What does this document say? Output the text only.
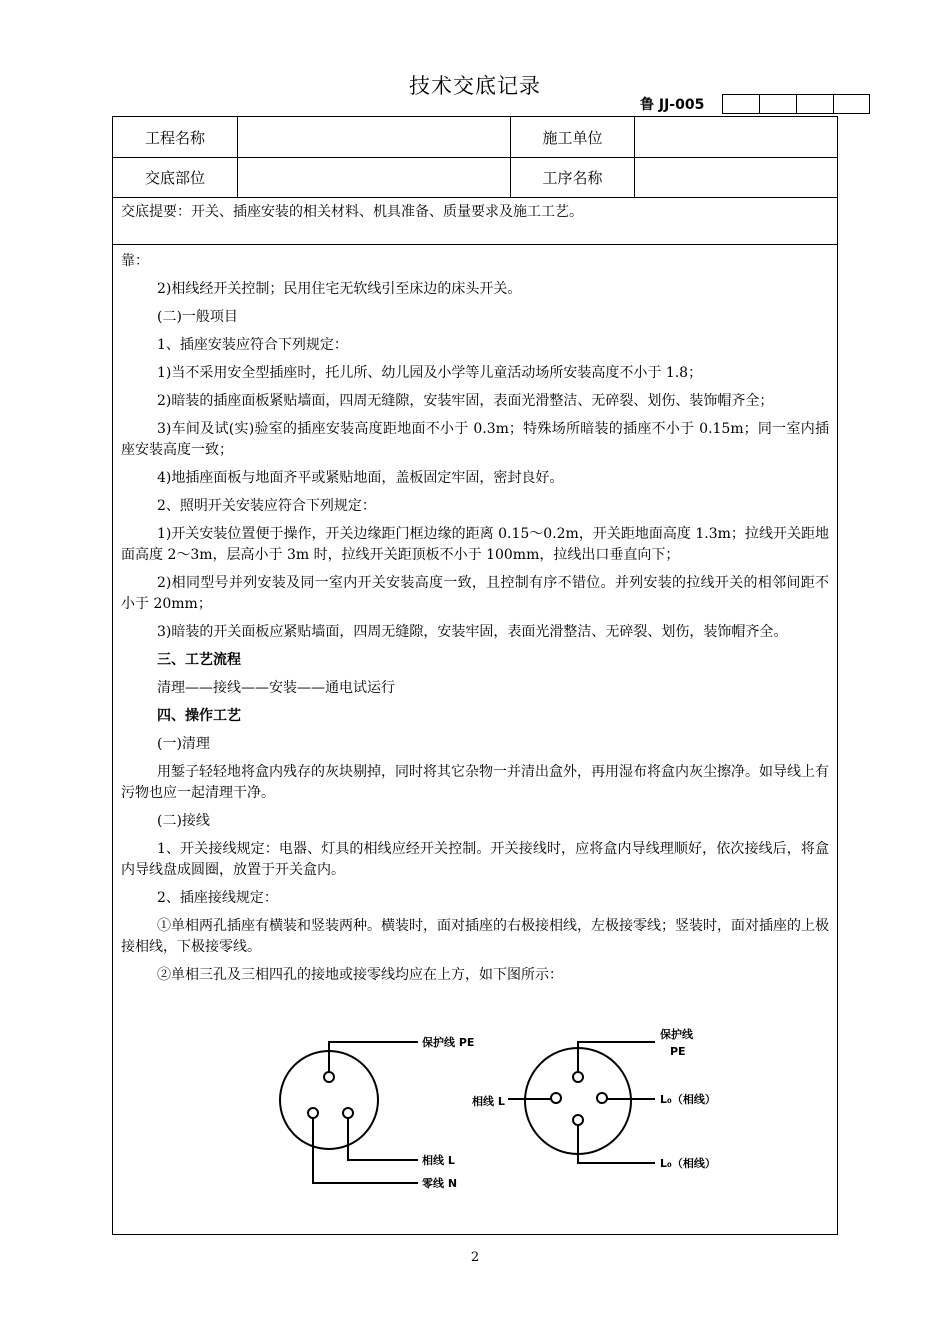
技术交底记录
鲁 JJ-005
工程名称	施工单位
交底部位	工序名称
交底提要：开关、插座安装的相关材料、机具准备、质量要求及施工工艺。

靠：

2)相线经开关控制；民用住宅无软线引至床边的床头开关。

(二)一般项目

1、插座安装应符合下列规定：

1)当不采用安全型插座时，托儿所、幼儿园及小学等儿童活动场所安装高度不小于 1.8；

2)暗装的插座面板紧贴墙面，四周无缝隙，安装牢固，表面光滑整洁、无碎裂、划伤、装饰帽齐全；

3)车间及试(实)验室的插座安装高度距地面不小于 0.3m；特殊场所暗装的插座不小于 0.15m；同一室内插座安装高度一致；

4)地插座面板与地面齐平或紧贴地面，盖板固定牢固，密封良好。

2、照明开关安装应符合下列规定：

1)开关安装位置便于操作，开关边缘距门框边缘的距离 0.15～0.2m，开关距地面高度 1.3m；拉线开关距地面高度 2～3m，层高小于 3m 时，拉线开关距顶板不小于 100mm，拉线出口垂直向下；

2)相同型号并列安装及同一室内开关安装高度一致，且控制有序不错位。并列安装的拉线开关的相邻间距不小于 20mm；

3)暗装的开关面板应紧贴墙面，四周无缝隙，安装牢固，表面光滑整洁、无碎裂、划伤，装饰帽齐全。

三、工艺流程

清理——接线——安装——通电试运行

四、操作工艺

(一)清理

用錾子轻轻地将盒内残存的灰块剔掉，同时将其它杂物一并清出盒外，再用湿布将盒内灰尘擦净。如导线上有污物也应一起清理干净。

(二)接线

1、开关接线规定：电器、灯具的相线应经开关控制。开关接线时，应将盒内导线理顺好，依次接线后，将盒内导线盘成圆圈，放置于开关盒内。

2、插座接线规定：

①单相两孔插座有横装和竖装两种。横装时，面对插座的右极接相线，左极接零线；竖装时，面对插座的上极接相线，下极接零线。

②单相三孔及三相四孔的接地或接零线均应在上方，如下图所示：

保护线 PE
相线 L
零线 N
保护线
PE
相线 L	L₀（相线）
L₀（相线）
2
